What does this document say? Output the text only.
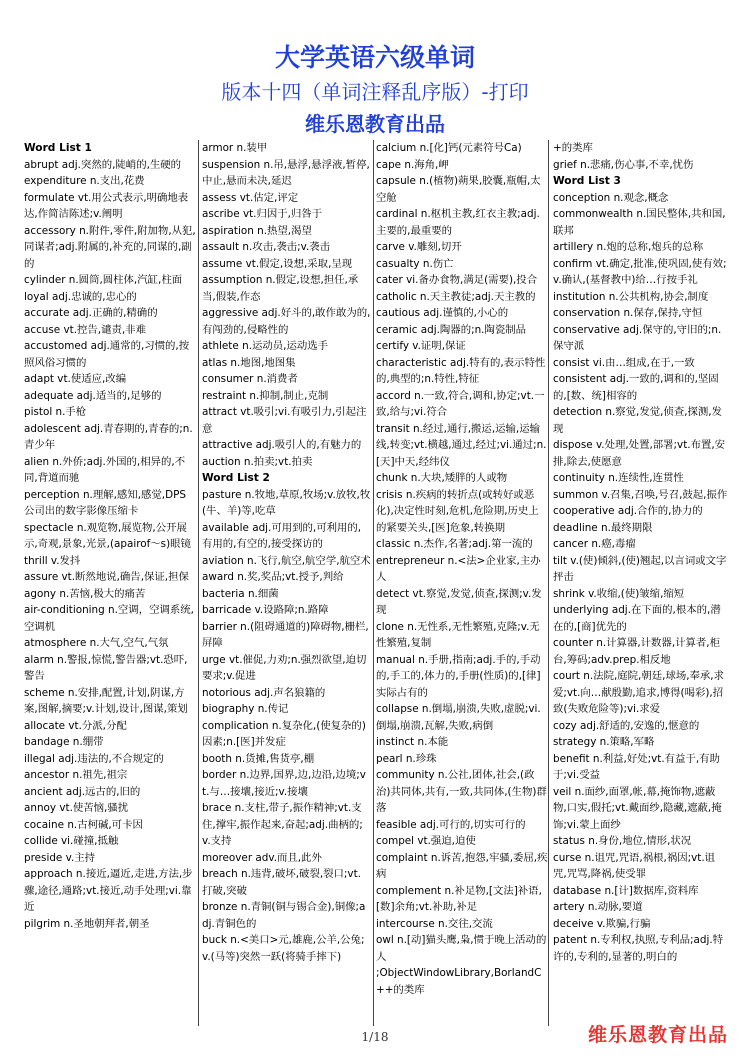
大学英语六级单词
版本十四（单词注释乱序版）-打印
维乐恩教育出品
Word List 1
abrupt adj.突然的,陡峭的,生硬的
expenditure n.支出,花费
formulate vt.用公式表示,明确地表达,作简洁陈述;v.阐明
accessory n.附件,零件,附加物,从犯,同谋者;adj.附属的,补充的,同谋的,副的
cylinder n.圆筒,圆柱体,汽缸,柱面
loyal adj.忠诚的,忠心的
accurate adj.正确的,精确的
accuse vt.控告,谴责,非难
accustomed adj.通常的,习惯的,按照风俗习惯的
adapt vt.使适应,改编
adequate adj.适当的,足够的
pistol n.手枪
adolescent adj.青春期的,青春的;n.青少年
alien n.外侨;adj.外国的,相异的,不同,背道而驰
perception n.理解,感知,感觉,DPS公司出的数字影像压缩卡
spectacle n.观览物,展览物,公开展示,奇观,景象,光景,(apairof～s)眼镜
thrill v.发抖
assure vt.断然地说,确告,保证,担保
agony n.苦恼,极大的痛苦
air-conditioning n.空调，空调系统,空调机
atmosphere n.大气,空气,气氛
alarm n.警报,惊慌,警告器;vt.恐吓,警告
scheme n.安排,配置,计划,阴谋,方案,图解,摘要;v.计划,设计,图谋,策划
allocate vt.分派,分配
bandage n.绷带
illegal adj.违法的,不合规定的
ancestor n.祖先,祖宗
ancient adj.远古的,旧的
annoy vt.使苦恼,骚扰
cocaine n.古柯碱,可卡因
collide vi.碰撞,抵触
preside v.主持
approach n.接近,逼近,走进,方法,步骤,途径,通路;vt.接近,动手处理;vi.靠近
pilgrim n.圣地朝拜者,朝圣
armor n.装甲
suspension n.吊,悬浮,悬浮液,暂停,中止,悬而未决,延迟
assess vt.估定,评定
ascribe vt.归因于,归咎于
aspiration n.热望,渴望
assault n.攻击,袭击;v.袭击
assume vt.假定,设想,采取,呈现
assumption n.假定,设想,担任,承当,假装,作态
aggressive adj.好斗的,敢作敢为的,有闯劲的,侵略性的
athlete n.运动员,运动选手
atlas n.地图,地图集
consumer n.消费者
restraint n.抑制,制止,克制
attract vt.吸引;vi.有吸引力,引起注意
attractive adj.吸引人的,有魅力的
auction n.拍卖;vt.拍卖
Word List 2
pasture n.牧地,草原,牧场;v.放牧,牧(牛、羊)等,吃草
available adj.可用到的,可利用的,有用的,有空的,接受探访的
aviation n.飞行,航空,航空学,航空术
award n.奖,奖品;vt.授予,判给
bacteria n.细菌
barricade v.设路障;n.路障
barrier n.(阻碍通道的)障碍物,栅栏,屏障
urge vt.催促,力劝;n.强烈欲望,迫切要求;v.促进
notorious adj.声名狼籍的
biography n.传记
complication n.复杂化,(使复杂的)因素;n.[医]并发症
booth n.货摊,售货亭,棚
border n.边界,国界,边,边沿,边境;vt.与…接壤,接近;v.接壤
brace n.支柱,带子,振作精神;vt.支住,撑牢,振作起来,奋起;adj.曲柄的;v.支持
moreover adv.而且,此外
breach n.违背,破坏,破裂,裂口;vt.打破,突破
bronze n.青铜(铜与锡合金),铜像;adj.青铜色的
buck n.<美口>元,雄鹿,公羊,公兔;v.(马等)突然一跃(将骑手摔下)
calcium n.[化]钙(元素符号Ca)
cape n.海角,岬
capsule n.(植物)蒴果,胶囊,瓶帽,太空舱
cardinal n.枢机主教,红衣主教;adj.主要的,最重要的
carve v.雕刻,切开
casualty n.伤亡
cater vi.备办食物,满足(需要),投合
catholic n.天主教徒;adj.天主教的
cautious adj.谨慎的,小心的
ceramic adj.陶器的;n.陶瓷制品
certify v.证明,保证
characteristic adj.特有的,表示特性的,典型的;n.特性,特征
accord n.一致,符合,调和,协定;vt.一致,给与;vi.符合
transit n.经过,通行,搬运,运输,运输线,转变;vt.横越,通过,经过;vi.通过;n.[天]中天,经纬仪
chunk n.大块,矮胖的人或物
crisis n.疾病的转折点(或转好或恶化),决定性时刻,危机,危险期,历史上的紧要关头,[医]危象,转换期
classic n.杰作,名著;adj.第一流的
entrepreneur n.<法>企业家,主办人
detect vt.察觉,发觉,侦查,探测;v.发现
clone n.无性系,无性繁殖,克隆;v.无性繁殖,复制
manual n.手册,指南;adj.手的,手动的,手工的,体力的,手册(性质)的,[律]实际占有的
collapse n.倒塌,崩溃,失败,虚脱;vi.倒塌,崩溃,瓦解,失败,病倒
instinct n.本能
pearl n.珍珠
community n.公社,团体,社会,(政治)共同体,共有,一致,共同体,(生物)群落
feasible adj.可行的,切实可行的
compel vt.强迫,迫使
complaint n.诉苦,抱怨,牢骚,委屈,疾病
complement n.补足物,[文法]补语,[数]余角;vt.补助,补足
intercourse n.交往,交流
owl n.[动]猫头鹰,枭,惯于晚上活动的人
;ObjectWindowLibrary,BorlandC++的类库
+的类库
grief n.悲痛,伤心事,不幸,忧伤
Word List 3
conception n.观念,概念
commonwealth n.国民整体,共和国,联邦
artillery n.炮的总称,炮兵的总称
confirm vt.确定,批准,使巩固,使有效;v.确认,(基督教中)给…行按手礼
institution n.公共机构,协会,制度
conservation n.保存,保持,守恒
conservative adj.保守的,守旧的;n.保守派
consist vi.由…组成,在于,一致
consistent adj.一致的,调和的,坚固的,[数、统]相容的
detection n.察觉,发觉,侦查,探测,发现
dispose v.处理,处置,部署;vt.布置,安排,除去,使愿意
continuity n.连续性,连贯性
summon v.召集,召唤,号召,鼓起,振作
cooperative adj.合作的,协力的
deadline n.最终期限
cancer n.癌,毒瘤
tilt v.(使)倾斜,(使)翘起,以言词或文字抨击
shrink v.收缩,(使)皱缩,缩短
underlying adj.在下面的,根本的,潜在的,[商]优先的
counter n.计算器,计数器,计算者,柜台,筹码;adv.prep.相反地
court n.法院,庭院,朝廷,球场,奉承,求爱;vt.向…献殷勤,追求,博得(喝彩),招致(失败危险等);vi.求爱
cozy adj.舒适的,安逸的,惬意的
strategy n.策略,军略
benefit n.利益,好处;vt.有益于,有助于;vi.受益
veil n.面纱,面罩,帐,幕,掩饰物,遮蔽物,口实,假托;vt.戴面纱,隐藏,遮蔽,掩饰;vi.蒙上面纱
status n.身份,地位,情形,状况
curse n.诅咒,咒语,祸根,祸因;vt.诅咒,咒骂,降祸,使受罪
database n.[计]数据库,资料库
artery n.动脉,要道
deceive v.欺骗,行骗
patent n.专利权,执照,专利品;adj.特许的,专利的,显著的,明白的
1/18	维乐恩教育出品
